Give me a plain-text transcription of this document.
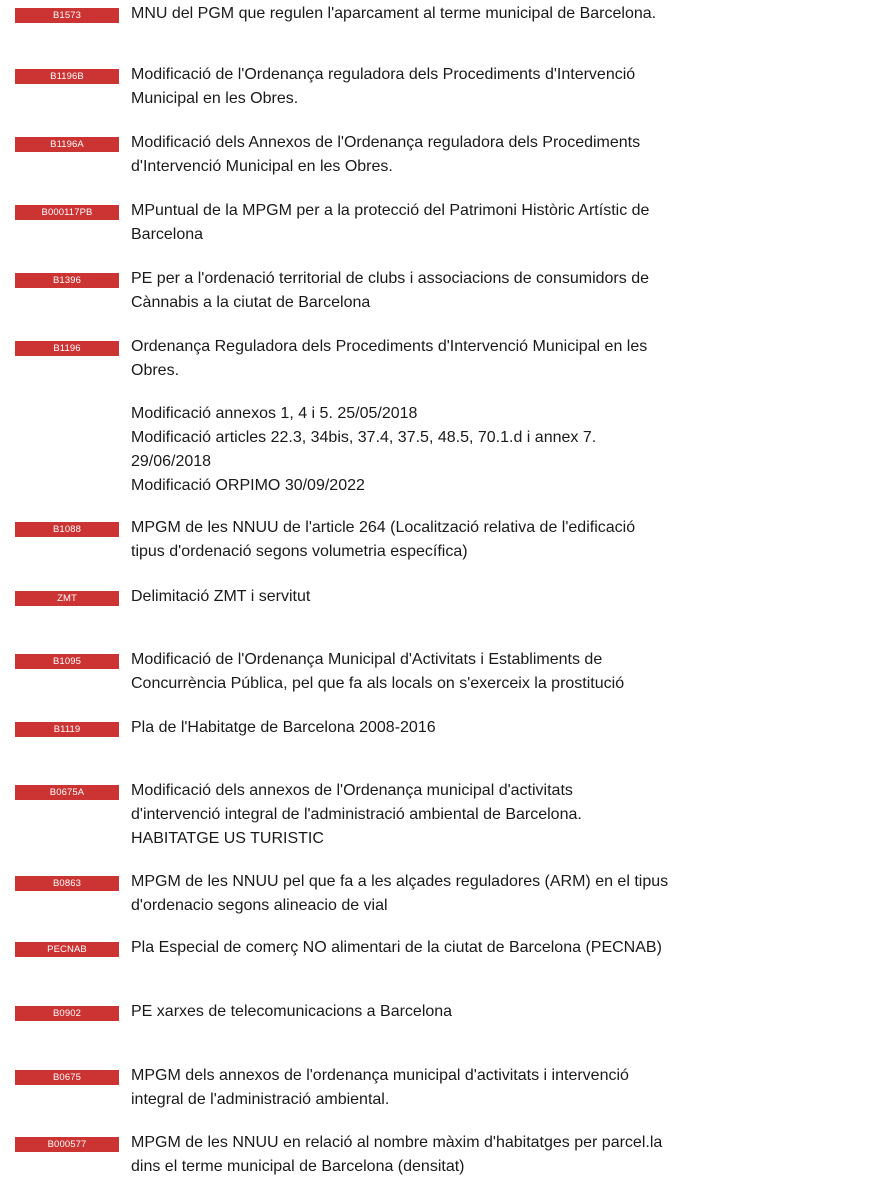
B1573	MNU del PGM que regulen l'aparcament al terme municipal de Barcelona.
B1196B	Modificació de l'Ordenança reguladora dels Procediments d'Intervenció
Municipal en les Obres.
B1196A	Modificació dels Annexos de l'Ordenança reguladora dels Procediments
d'Intervenció Municipal en les Obres.
B000117PB	MPuntual de la MPGM per a la protecció del Patrimoni Històric Artístic de
Barcelona
B1396	PE per a l'ordenació territorial de clubs i associacions de consumidors de
Cànnabis a la ciutat de Barcelona
B1196	Ordenança Reguladora dels Procediments d'Intervenció Municipal en les
Obres.
Modificació annexos 1, 4 i 5. 25/05/2018
Modificació articles 22.3, 34bis, 37.4, 37.5, 48.5, 70.1.d i annex 7.
29/06/2018
Modificació ORPIMO 30/09/2022
B1088	MPGM de les NNUU de l'article 264 (Localització relativa de l'edificació
tipus d'ordenació segons volumetria específica)
ZMT	Delimitació ZMT i servitut
B1095	Modificació de l'Ordenança Municipal d'Activitats i Establiments de
Concurrència Pública, pel que fa als locals on s'exerceix la prostitució
B1119	Pla de l'Habitatge de Barcelona 2008-2016
B0675A	Modificació dels annexos de l'Ordenança municipal d'activitats
d'intervenció integral de l'administració ambiental de Barcelona.
HABITATGE US TURISTIC
B0863	MPGM de les NNUU pel que fa a les alçades reguladores (ARM) en el tipus
d'ordenacio segons alineacio de vial
PECNAB	Pla Especial de comerç NO alimentari de la ciutat de Barcelona (PECNAB)
B0902	PE xarxes de telecomunicacions a Barcelona
B0675	MPGM dels annexos de l'ordenança municipal d'activitats i intervenció
integral de l'administració ambiental.
B000577	MPGM de les NNUU en relació al nombre màxim d'habitatges per parcel.la
dins el terme municipal de Barcelona (densitat)
